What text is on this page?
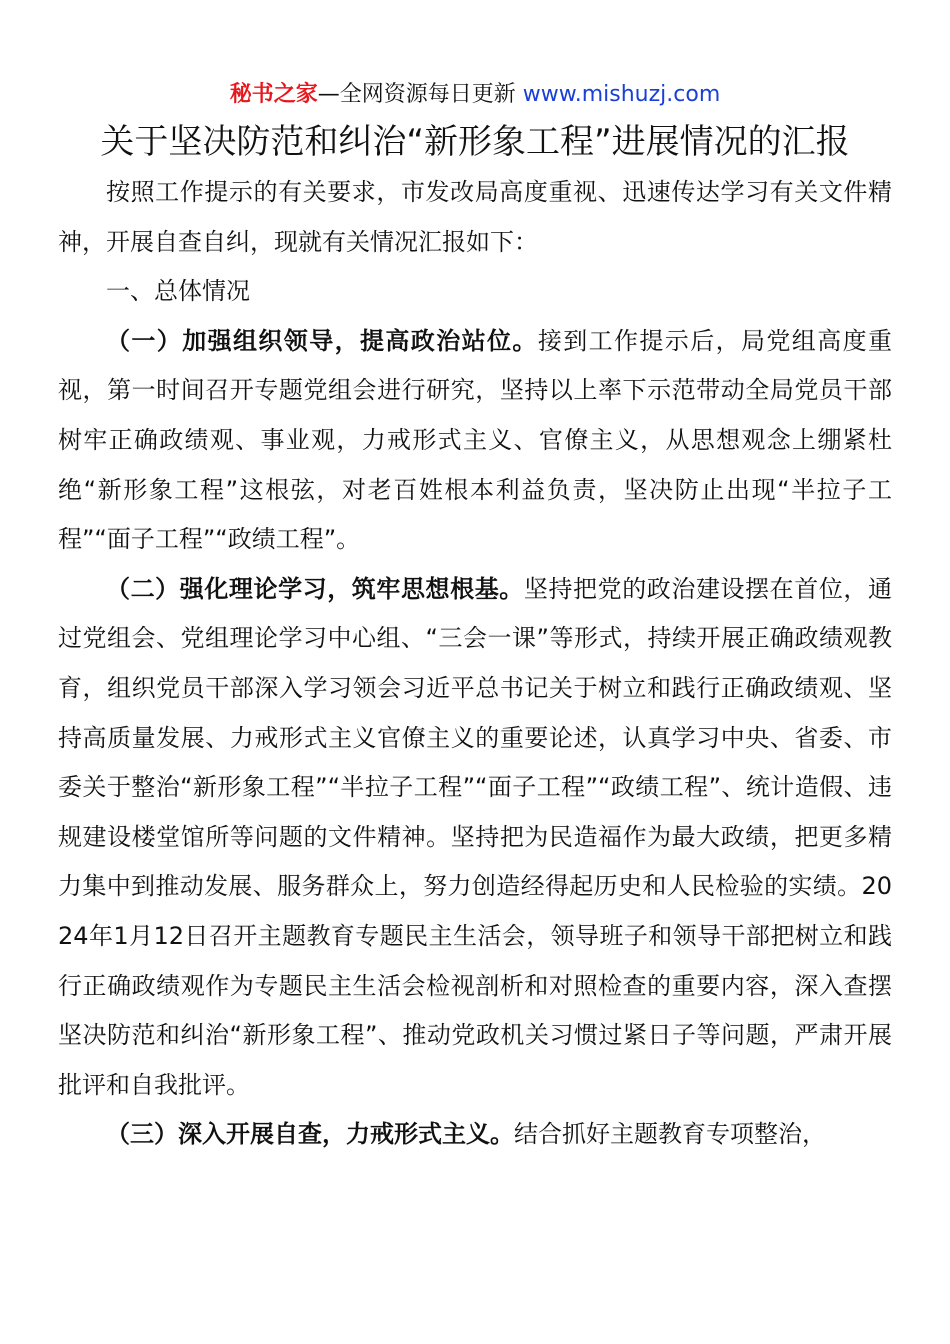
秘书之家—全网资源每日更新 www.mishuzj.com
关于坚决防范和纠治“新形象工程”进展情况的汇报

按照工作提示的有关要求，市发改局高度重视、迅速传达学习有关文件精神，开展自查自纠，现就有关情况汇报如下：

一、总体情况

（一）加强组织领导，提高政治站位。接到工作提示后，局党组高度重视，第一时间召开专题党组会进行研究，坚持以上率下示范带动全局党员干部树牢正确政绩观、事业观，力戒形式主义、官僚主义，从思想观念上绷紧杜绝“新形象工程”这根弦，对老百姓根本利益负责，坚决防止出现“半拉子工程”“面子工程”“政绩工程”。

（二）强化理论学习，筑牢思想根基。坚持把党的政治建设摆在首位，通过党组会、党组理论学习中心组、“三会一课”等形式，持续开展正确政绩观教育，组织党员干部深入学习领会习近平总书记关于树立和践行正确政绩观、坚持高质量发展、力戒形式主义官僚主义的重要论述，认真学习中央、省委、市委关于整治“新形象工程”“半拉子工程”“面子工程”“政绩工程”、统计造假、违规建设楼堂馆所等问题的文件精神。坚持把为民造福作为最大政绩，把更多精力集中到推动发展、服务群众上，努力创造经得起历史和人民检验的实绩。2024年1月12日召开主题教育专题民主生活会，领导班子和领导干部把树立和践行正确政绩观作为专题民主生活会检视剖析和对照检查的重要内容，深入查摆坚决防范和纠治“新形象工程”、推动党政机关习惯过紧日子等问题，严肃开展批评和自我批评。

（三）深入开展自查，力戒形式主义。结合抓好主题教育专项整治，
